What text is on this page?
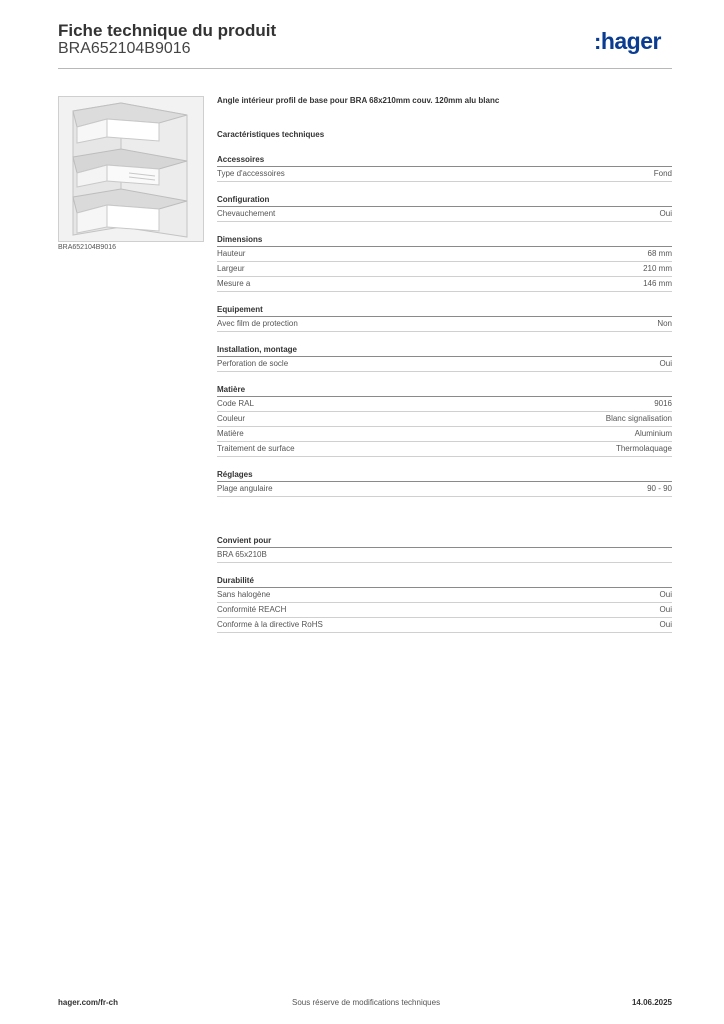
Fiche technique du produit
BRA652104B9016	:hager
BRA652104B9016
Angle intérieur profil de base pour BRA 68x210mm couv. 120mm alu blanc
Caractéristiques techniques
Accessoires
Type d'accessoires	Fond
Configuration
Chevauchement	Oui
Dimensions
Hauteur	68 mm
Largeur	210 mm
Mesure a	146 mm
Equipement
Avec film de protection	Non
Installation, montage
Perforation de socle	Oui
Matière
Code RAL	9016
Couleur	Blanc signalisation
Matière	Aluminium
Traitement de surface	Thermolaquage
Réglages
Plage angulaire	90 - 90
Convient pour
BRA 65x210B
Durabilité
Sans halogène	Oui
Conformité REACH	Oui
Conforme à la directive RoHS	Oui
hager.com/fr-ch	Sous réserve de modifications techniques	14.06.2025
